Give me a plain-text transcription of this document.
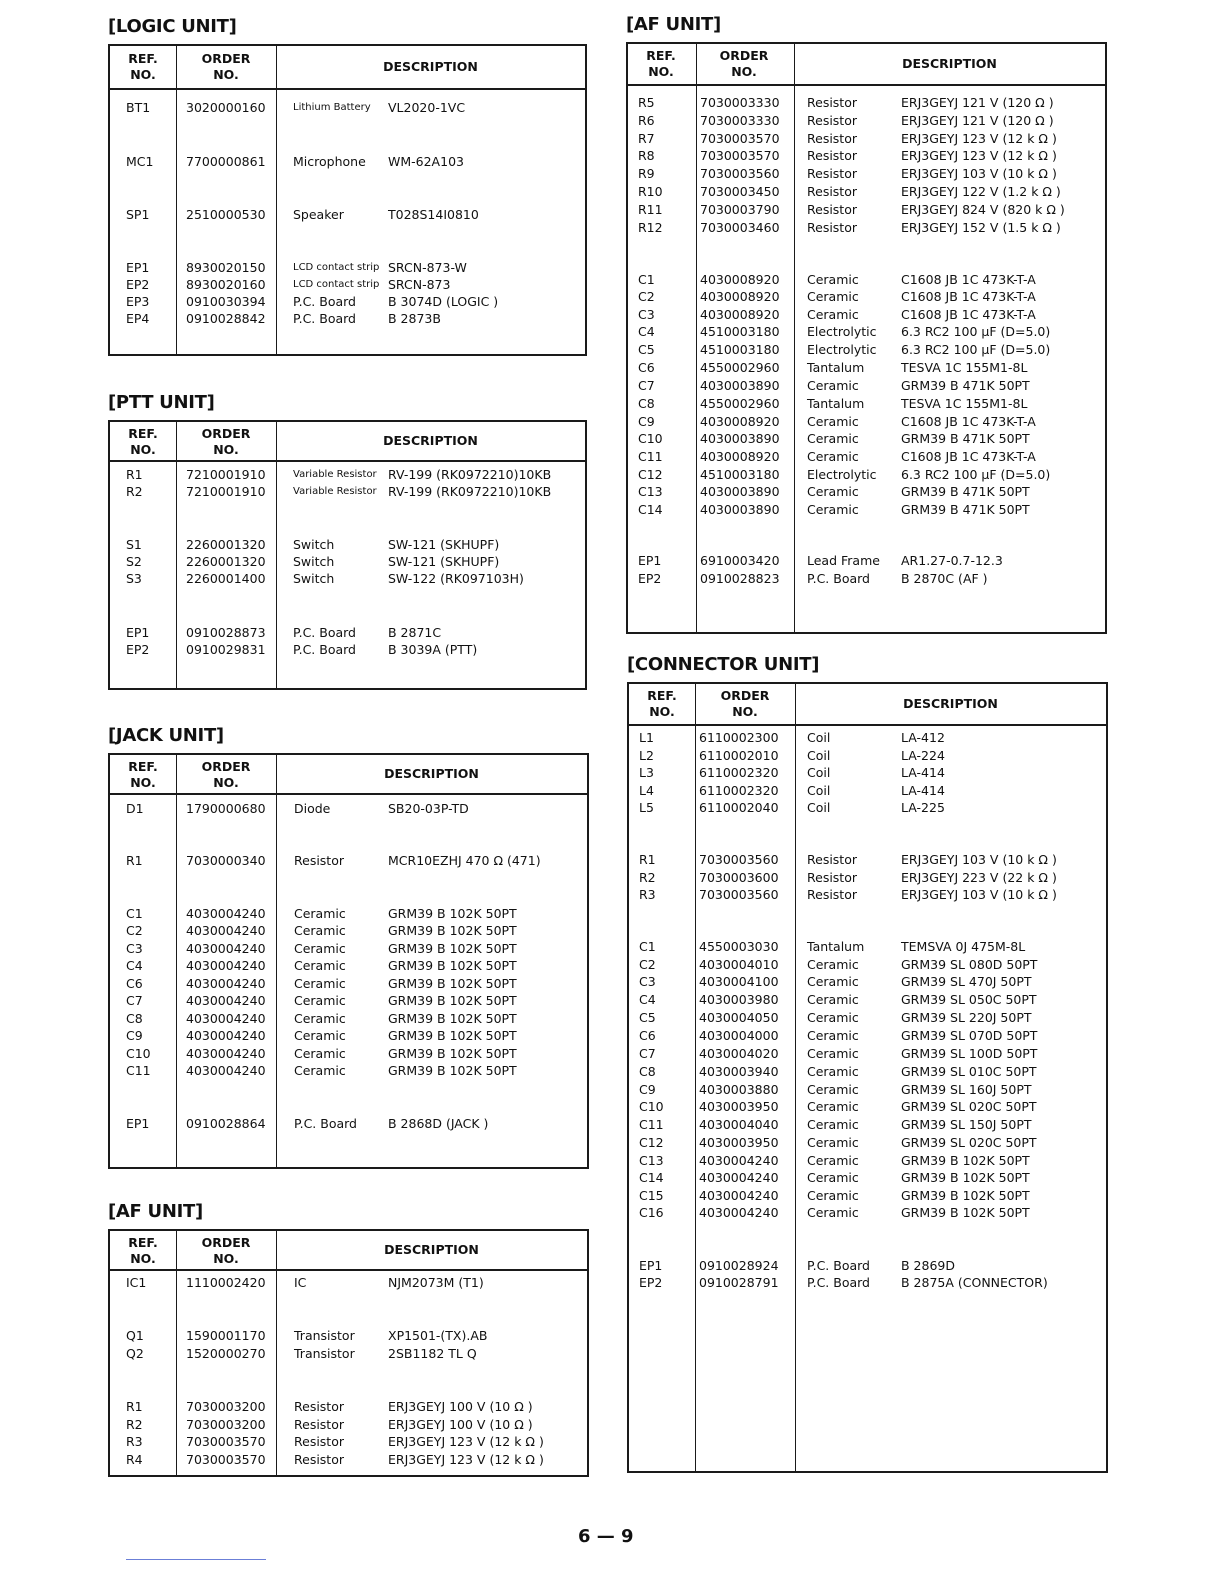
[LOGIC UNIT]
REF.
NO.
ORDER
NO.
DESCRIPTION
BT1	3020000160	Lithium Battery VL2020-1VC
MC1	7700000861 Microphone WM-62A103
SP1	2510000530 Speaker	T028S14I0810
EP1	8930020150	LCD contact strip SRCN-873-W
EP2	8930020160	LCD contact strip SRCN-873
EP3	0910030394 P.C. Board	B 3074D (LOGIC )
EP4	0910028842 P.C. Board	B 2873B
[PTT UNIT]
REF.
NO.
ORDER
NO.
DESCRIPTION
R1	7210001910	Variable Resistor RV-199 (RK0972210)10KB
R2	7210001910	Variable Resistor RV-199 (RK0972210)10KB
S1	2260001320 Switch	SW-121 (SKHUPF)
S2	2260001320 Switch	SW-121 (SKHUPF)
S3	2260001400 Switch	SW-122 (RK097103H)
EP1	0910028873 P.C. Board	B 2871C
EP2	0910029831 P.C. Board	B 3039A (PTT)
[JACK UNIT]
REF.
NO.
ORDER
NO.
DESCRIPTION
D1	1790000680 Diode	SB20-03P-TD
R1	7030000340 Resistor	MCR10EZHJ 470 Ω (471)
C1	4030004240 Ceramic	GRM39 B 102K 50PT
C2	4030004240 Ceramic	GRM39 B 102K 50PT
C3	4030004240 Ceramic	GRM39 B 102K 50PT
C4	4030004240 Ceramic	GRM39 B 102K 50PT
C6	4030004240 Ceramic	GRM39 B 102K 50PT
C7	4030004240 Ceramic	GRM39 B 102K 50PT
C8	4030004240 Ceramic	GRM39 B 102K 50PT
C9	4030004240 Ceramic	GRM39 B 102K 50PT
C10	4030004240 Ceramic	GRM39 B 102K 50PT
C11	4030004240 Ceramic	GRM39 B 102K 50PT
EP1	0910028864 P.C. Board B 2868D (JACK )
[AF UNIT]
REF.
NO.
ORDER
NO.
DESCRIPTION
IC1	1110002420 IC	NJM2073M (T1)
Q1	1590001170 Transistor	XP1501-(TX).AB
Q2	1520000270 Transistor	2SB1182 TL Q
R1	7030003200 Resistor	ERJ3GEYJ 100 V (10 Ω )
R2	7030003200 Resistor	ERJ3GEYJ 100 V (10 Ω )
R3	7030003570 Resistor	ERJ3GEYJ 123 V (12 k Ω )
R4	7030003570 Resistor	ERJ3GEYJ 123 V (12 k Ω )
[AF UNIT]
REF.
NO.
ORDER
NO.
DESCRIPTION
R5	7030003330 Resistor	ERJ3GEYJ 121 V (120 Ω )
R6	7030003330 Resistor	ERJ3GEYJ 121 V (120 Ω )
R7	7030003570 Resistor	ERJ3GEYJ 123 V (12 k Ω )
R8	7030003570 Resistor	ERJ3GEYJ 123 V (12 k Ω )
R9	7030003560 Resistor	ERJ3GEYJ 103 V (10 k Ω )
R10	7030003450 Resistor	ERJ3GEYJ 122 V (1.2 k Ω )
R11	7030003790 Resistor	ERJ3GEYJ 824 V (820 k Ω )
R12	7030003460 Resistor	ERJ3GEYJ 152 V (1.5 k Ω )
C1	4030008920 Ceramic	C1608 JB 1C 473K-T-A
C2	4030008920 Ceramic	C1608 JB 1C 473K-T-A
C3	4030008920 Ceramic	C1608 JB 1C 473K-T-A
C4	4510003180 Electrolytic 6.3 RC2 100 μF (D=5.0)
C5	4510003180 Electrolytic 6.3 RC2 100 μF (D=5.0)
C6	4550002960 Tantalum	TESVA 1C 155M1-8L
C7	4030003890 Ceramic	GRM39 B 471K 50PT
C8	4550002960 Tantalum	TESVA 1C 155M1-8L
C9	4030008920 Ceramic	C1608 JB 1C 473K-T-A
C10	4030003890 Ceramic	GRM39 B 471K 50PT
C11	4030008920 Ceramic	C1608 JB 1C 473K-T-A
C12	4510003180 Electrolytic 6.3 RC2 100 μF (D=5.0)
C13	4030003890 Ceramic	GRM39 B 471K 50PT
C14	4030003890 Ceramic	GRM39 B 471K 50PT
EP1	6910003420 Lead Frame AR1.27-0.7-12.3
EP2	0910028823 P.C. Board B 2870C (AF )
[CONNECTOR UNIT]
REF.
NO.
ORDER
NO.
DESCRIPTION
L1	6110002300 Coil	LA-412
L2	6110002010 Coil	LA-224
L3	6110002320 Coil	LA-414
L4	6110002320 Coil	LA-414
L5	6110002040 Coil	LA-225
R1	7030003560 Resistor	ERJ3GEYJ 103 V (10 k Ω )
R2	7030003600 Resistor	ERJ3GEYJ 223 V (22 k Ω )
R3	7030003560 Resistor	ERJ3GEYJ 103 V (10 k Ω )
C1	4550003030 Tantalum	TEMSVA 0J 475M-8L
C2	4030004010 Ceramic	GRM39 SL 080D 50PT
C3	4030004100 Ceramic	GRM39 SL 470J 50PT
C4	4030003980 Ceramic	GRM39 SL 050C 50PT
C5	4030004050 Ceramic	GRM39 SL 220J 50PT
C6	4030004000 Ceramic	GRM39 SL 070D 50PT
C7	4030004020 Ceramic	GRM39 SL 100D 50PT
C8	4030003940 Ceramic	GRM39 SL 010C 50PT
C9	4030003880 Ceramic	GRM39 SL 160J 50PT
C10	4030003950 Ceramic	GRM39 SL 020C 50PT
C11	4030004040 Ceramic	GRM39 SL 150J 50PT
C12	4030003950 Ceramic	GRM39 SL 020C 50PT
C13	4030004240 Ceramic	GRM39 B 102K 50PT
C14	4030004240 Ceramic	GRM39 B 102K 50PT
C15	4030004240 Ceramic	GRM39 B 102K 50PT
C16	4030004240 Ceramic	GRM39 B 102K 50PT
EP1	0910028924 P.C. Board B 2869D
EP2	0910028791 P.C. Board B 2875A (CONNECTOR)
6 — 9
